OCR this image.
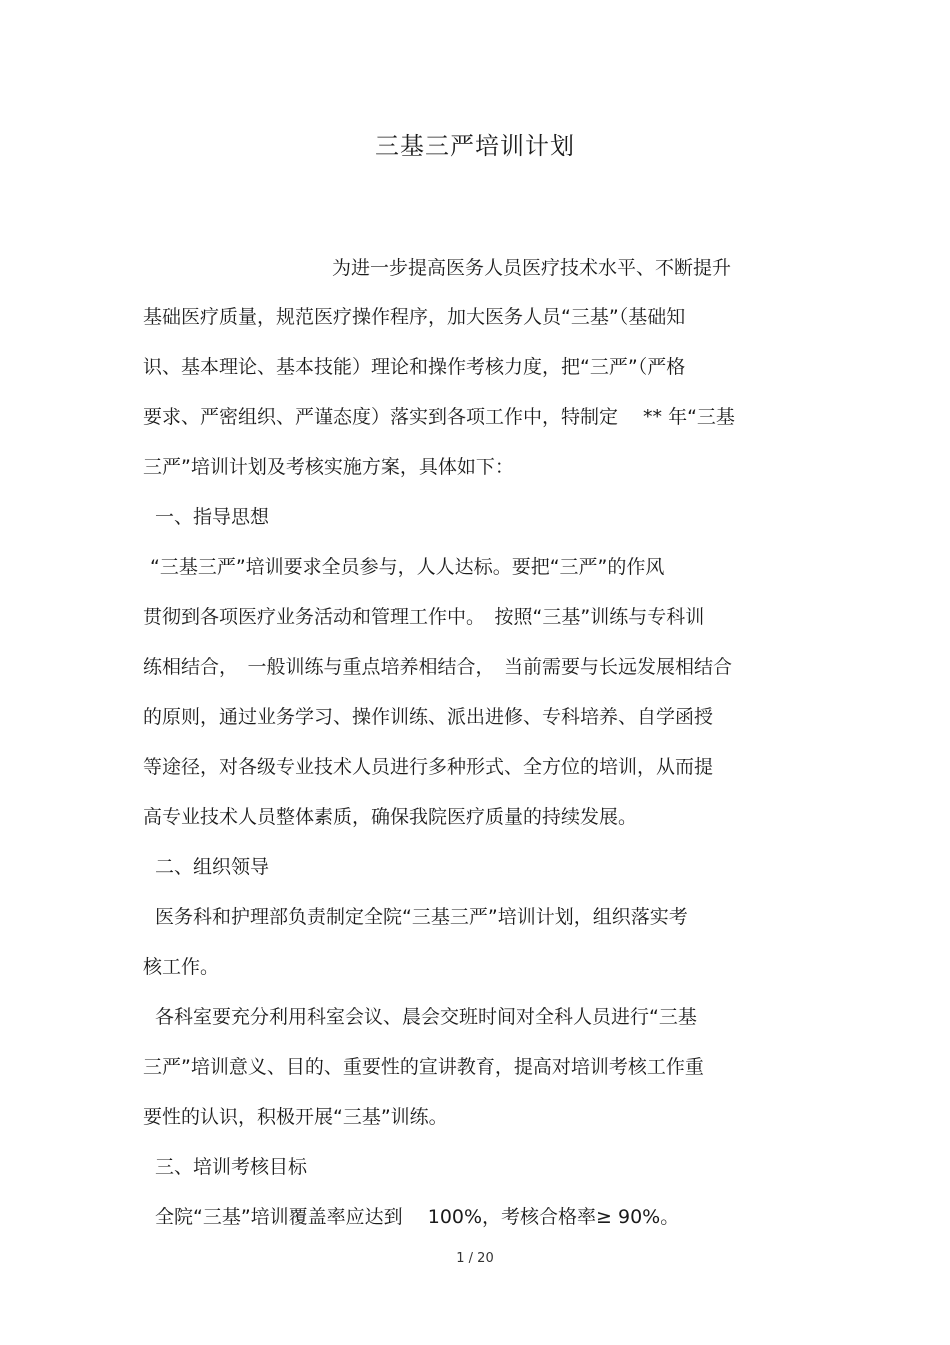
三基三严培训计划
为进一步提高医务人员医疗技术水平、不断提升
基础医疗质量，规范医疗操作程序，加大医务人员“三基”（基础知
识、基本理论、基本技能）理论和操作考核力度，把“三严”（严格
要求、严密组织、严谨态度）落实到各项工作中，特制定　 ** 年“三基
三严”培训计划及考核实施方案，具体如下：
一、指导思想
“三基三严”培训要求全员参与，人人达标。要把“三严”的作风
贯彻到各项医疗业务活动和管理工作中。　按照“三基”训练与专科训
练相结合，　一般训练与重点培养相结合，　当前需要与长远发展相结合
的原则，通过业务学习、操作训练、派出进修、专科培养、自学函授
等途径，对各级专业技术人员进行多种形式、全方位的培训，从而提
高专业技术人员整体素质，确保我院医疗质量的持续发展。
二、组织领导
医务科和护理部负责制定全院“三基三严”培训计划，组织落实考
核工作。
各科室要充分利用科室会议、晨会交班时间对全科人员进行“三基
三严”培训意义、目的、重要性的宣讲教育，提高对培训考核工作重
要性的认识，积极开展“三基”训练。
三、培训考核目标
全院“三基”培训覆盖率应达到　 100%，考核合格率≥ 90%。
1 / 20
